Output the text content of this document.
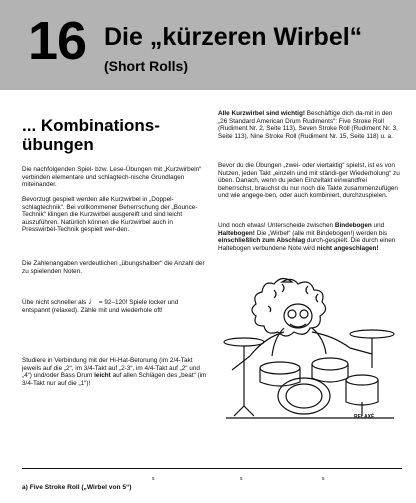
16 Die „kürzeren Wirbel“
(Short Rolls)
... Kombinations-
übungen

Die nachfolgenden Spiel- bzw. Lese-Übungen mit „Kurzwirbeln“ verbinden elementare und schlagtech-nische Grundlagen miteinander.

Bevorzugt gespielt werden alle Kurzwirbel in „Doppel-schlagtechnik“. Bei vollkommener Beherrschung der „Bounce-Technik“ klingen die Kurzwirbel ausgereift und sind leicht auszuführen. Natürlich können die Kurzwirbel auch in Presswirbel-Technik gespielt wer-den.

Die Zahlenangaben verdeutlichen „übungshalber“ die Anzahl der zu spielenden Noten.

Übe nicht schneller als ♩ = 92–120! Spiele locker und entspannt (relaxed). Zähle mit und wiederhole oft!

Studiere in Verbindung mit der Hi-Hat-Betonung (im 2/4-Takt jeweils auf die „2“, im 3/4-Takt auf „2-3“, im 4/4-Takt auf „2“ und „4“) und/oder Bass Drum leicht auf allen Schlägen des „beat“ (im 3/4-Takt nur auf die „1“)!

Alle Kurzwirbel sind wichtig! Beschäftige dich da-mit in den „26 Standard American Drum Rudiments“: Five Stroke Roll (Rudiment Nr. 2, Seite 113), Seven Stroke Roll (Rudiment Nr. 3, Seite 113), Nine Stroke Roll (Rudiment Nr. 15, Seite 118) u. a.

Bevor du die Übungen „zwei- oder viertaktig“ spielst, ist es von Nutzen, jeden Takt „einzeln und mit ständi-ger Wiederholung“ zu üben. Danach, wenn du jeden Einzeltakt einwandfrei beherrschst, brauchst du nur noch die Takte zusammenzufügen und wie angege-ben, oder auch kombiniert, durchzuspielen.

Und noch etwas! Unterscheide zwischen Bindebogen und Haltebogen! Die „Wirbel“ (alle mit Bindebogen!) werden bis einschließlich zum Abschlag durch-gespielt. Die durch einen Haltebogen verbundene Note wird nicht angeschlagen!

RELAXÉ
5	5	5
a) Five Stroke Roll („Wirbel von 5“)
